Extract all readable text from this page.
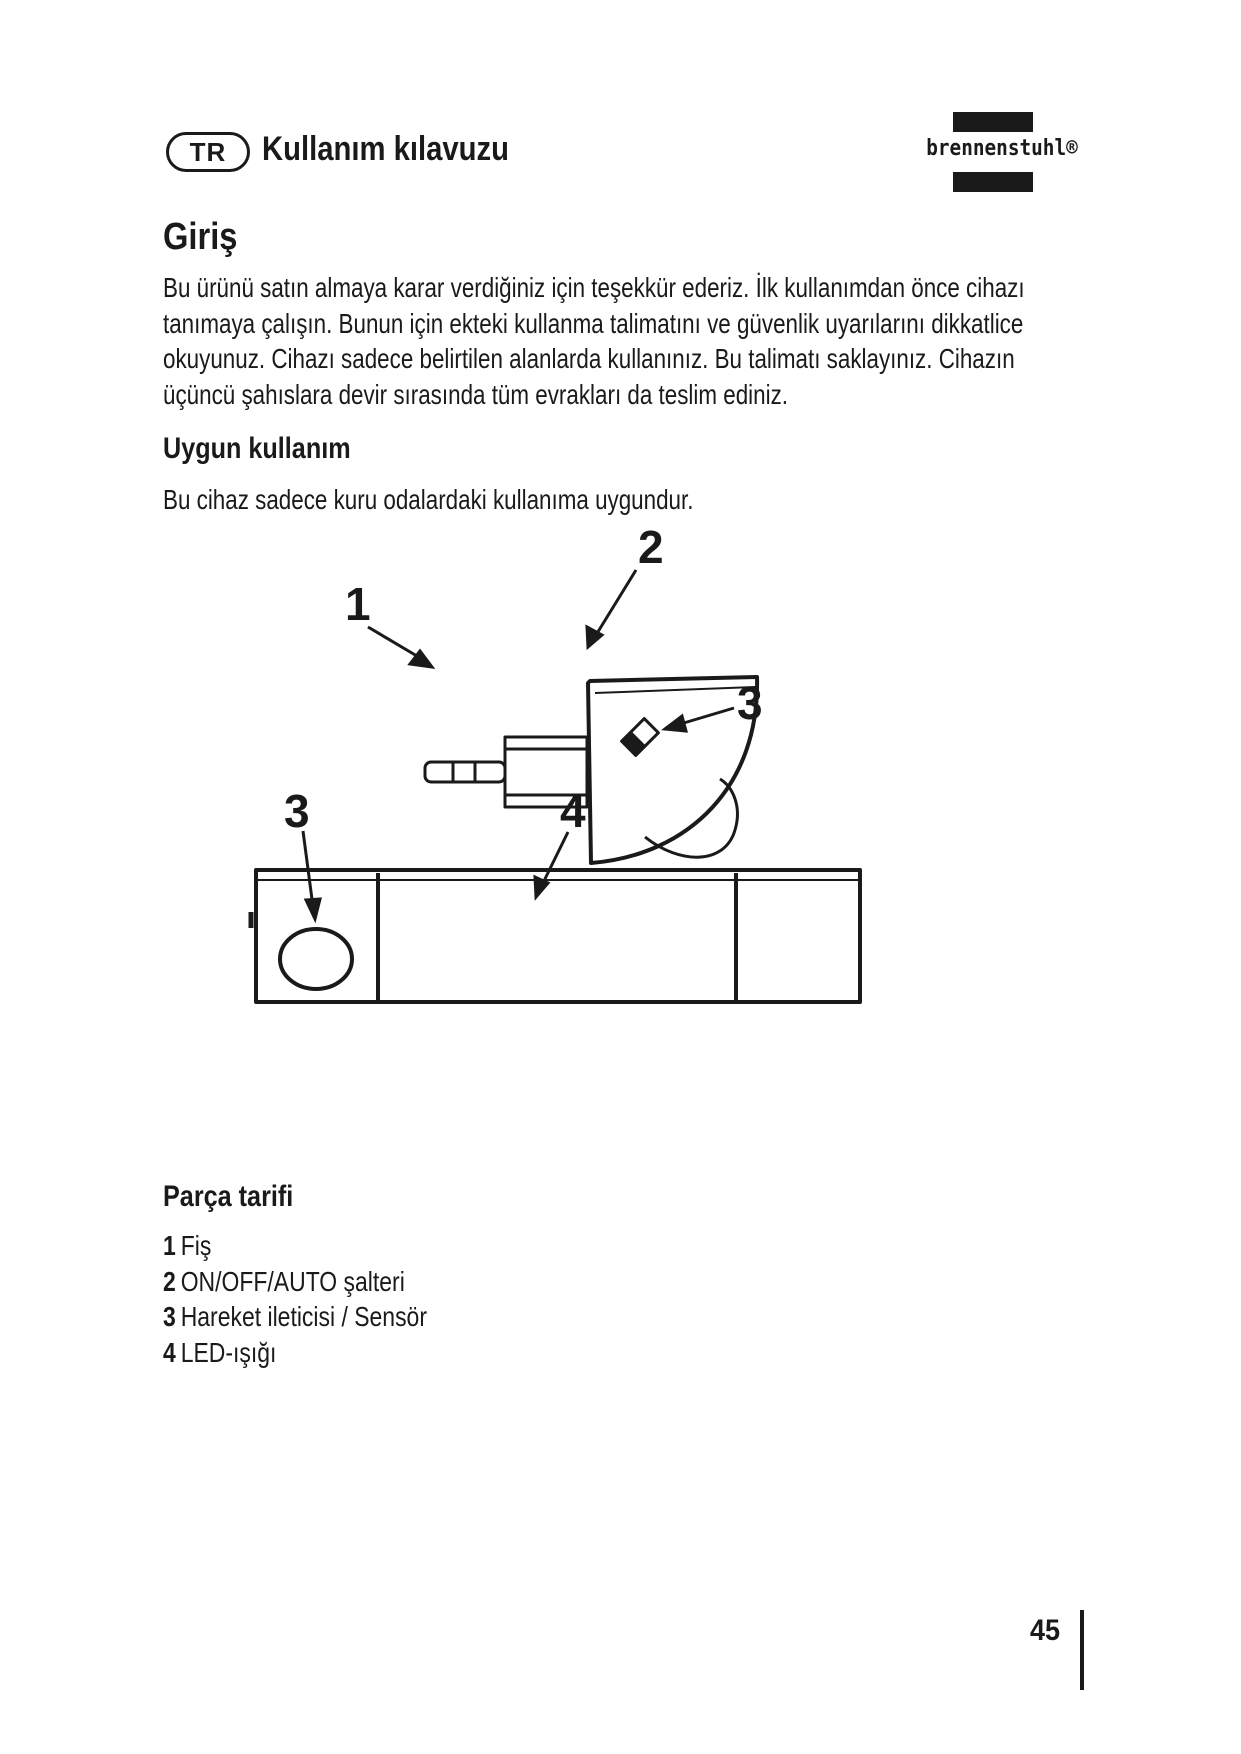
TR Kullanım kılavuzu	brennenstuhl®
Giriş
Bu ürünü satın almaya karar verdiğiniz için teşekkür ederiz. İlk kullanımdan önce cihazı
tanımaya çalışın. Bunun için ekteki kullanma talimatını ve güvenlik uyarılarını dikkatlice
okuyunuz. Cihazı sadece belirtilen alanlarda kullanınız. Bu talimatı saklayınız. Cihazın
üçüncü şahıslara devir sırasında tüm evrakları da teslim ediniz.
Uygun kullanım
Bu cihaz sadece kuru odalardaki kullanıma uygundur.
1
2
3
3	4
Parça tarifi
1 Fiş
2 ON/OFF/AUTO şalteri
3 Hareket ileticisi / Sensör
4 LED-ışığı
45
